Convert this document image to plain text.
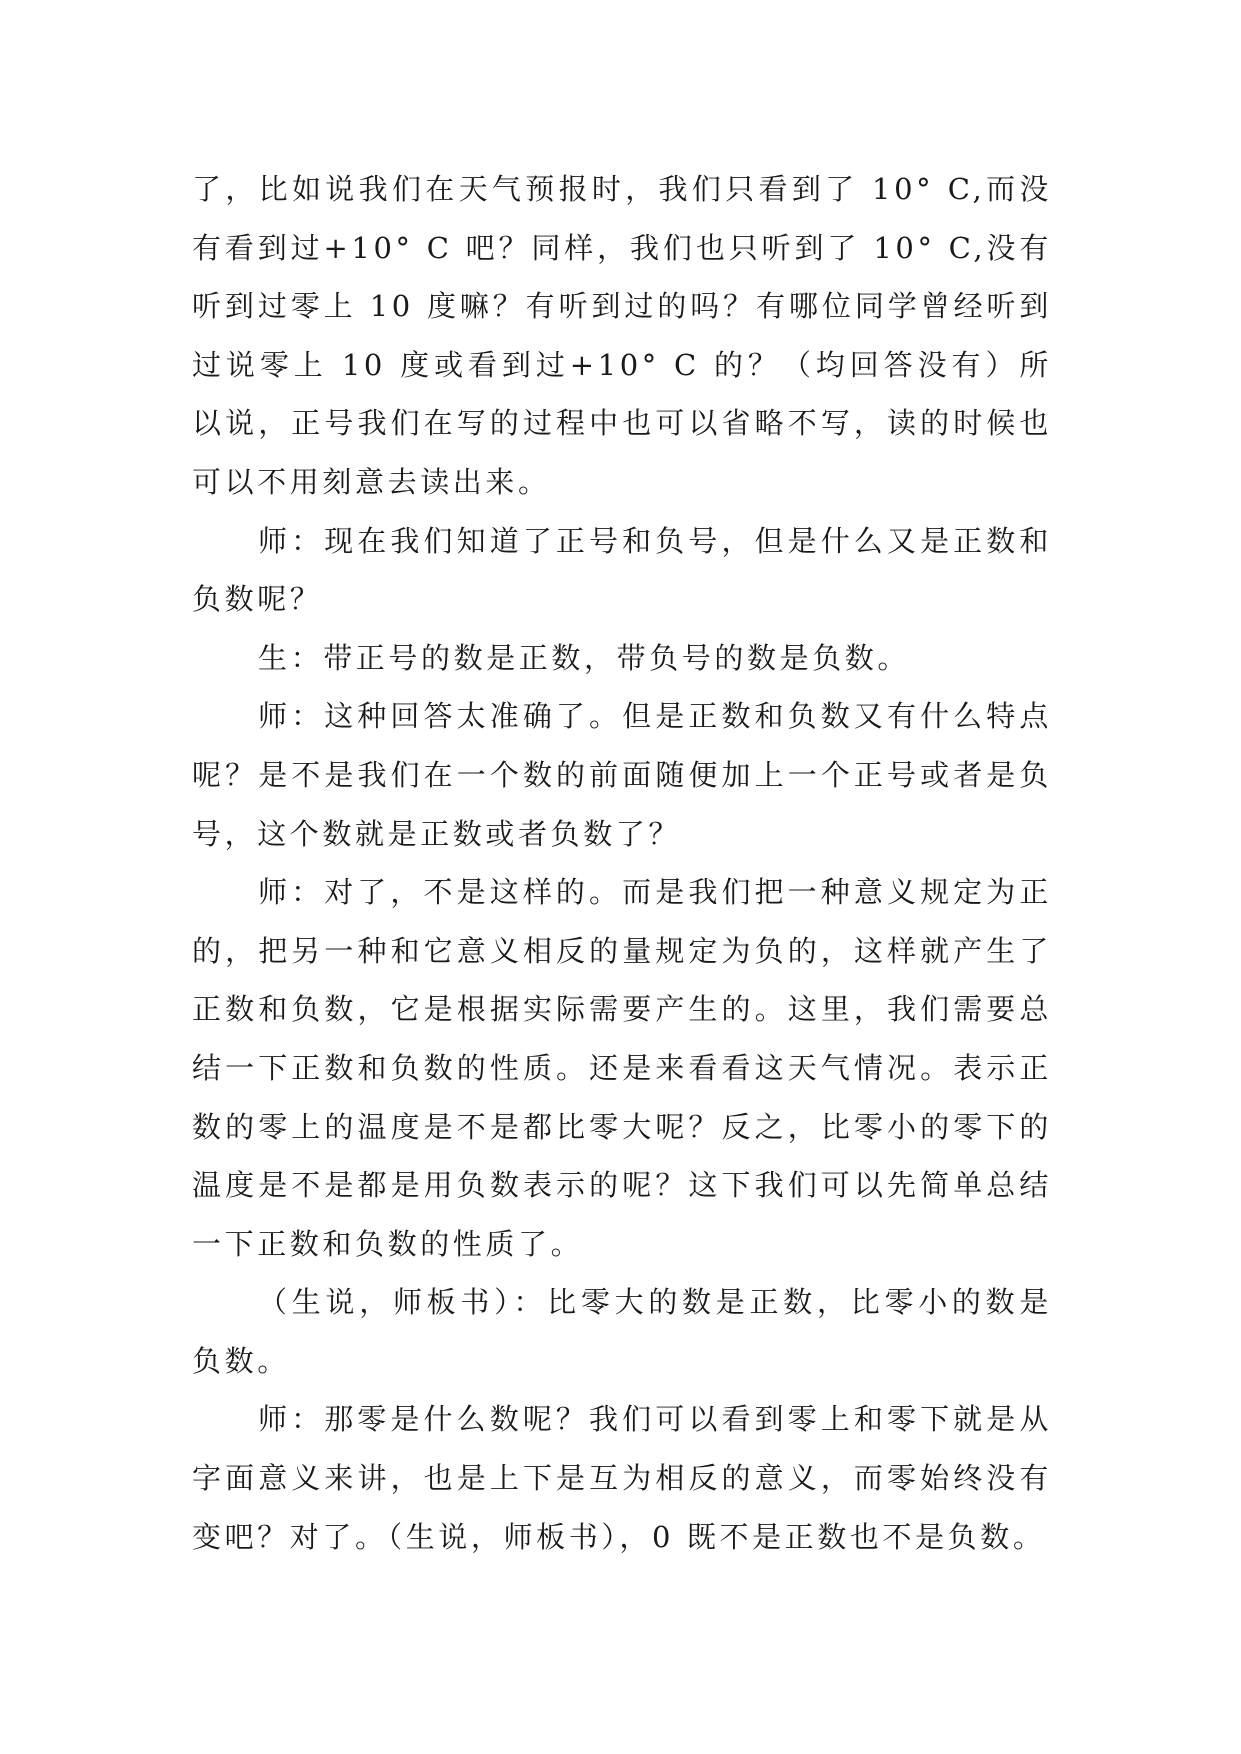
了，比如说我们在天气预报时，我们只看到了 10° C,而没有看到过+10° C 吧？同样，我们也只听到了 10° C,没有听到过零上 10 度嘛？有听到过的吗？有哪位同学曾经听到过说零上 10 度或看到过+10° C 的？（均回答没有）所以说，正号我们在写的过程中也可以省略不写，读的时候也可以不用刻意去读出来。

师：现在我们知道了正号和负号，但是什么又是正数和负数呢？

生：带正号的数是正数，带负号的数是负数。

师：这种回答太准确了。但是正数和负数又有什么特点呢？是不是我们在一个数的前面随便加上一个正号或者是负号，这个数就是正数或者负数了？

师：对了，不是这样的。而是我们把一种意义规定为正的，把另一种和它意义相反的量规定为负的，这样就产生了正数和负数，它是根据实际需要产生的。这里，我们需要总结一下正数和负数的性质。还是来看看这天气情况。表示正数的零上的温度是不是都比零大呢？反之，比零小的零下的温度是不是都是用负数表示的呢？这下我们可以先简单总结一下正数和负数的性质了。

（生说，师板书）：比零大的数是正数，比零小的数是负数。

师：那零是什么数呢？我们可以看到零上和零下就是从字面意义来讲，也是上下是互为相反的意义，而零始终没有变吧？对了。（生说，师板书），0 既不是正数也不是负数。
